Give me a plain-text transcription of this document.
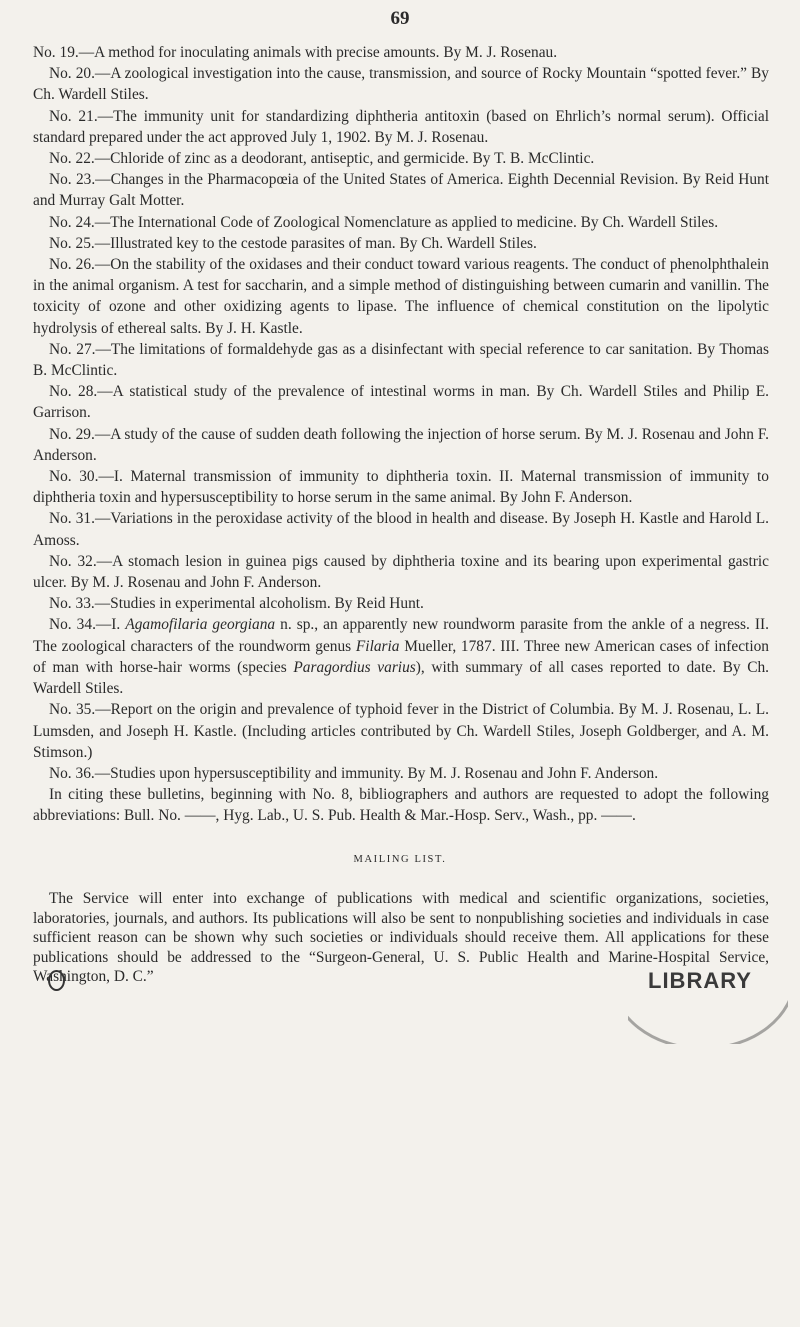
69

No. 19.—A method for inoculating animals with precise amounts. By M. J. Rosenau.

No. 20.—A zoological investigation into the cause, transmission, and source of Rocky Mountain “spotted fever.” By Ch. Wardell Stiles.

No. 21.—The immunity unit for standardizing diphtheria antitoxin (based on Ehrlich’s normal serum). Official standard prepared under the act approved July 1, 1902. By M. J. Rosenau.

No. 22.—Chloride of zinc as a deodorant, antiseptic, and germicide. By T. B. McClintic.

No. 23.—Changes in the Pharmacopœia of the United States of America. Eighth Decennial Revision. By Reid Hunt and Murray Galt Motter.

No. 24.—The International Code of Zoological Nomenclature as applied to medicine. By Ch. Wardell Stiles.

No. 25.—Illustrated key to the cestode parasites of man. By Ch. Wardell Stiles.

No. 26.—On the stability of the oxidases and their conduct toward various reagents. The conduct of phenolphthalein in the animal organism. A test for saccharin, and a simple method of distinguishing between cumarin and vanillin. The toxicity of ozone and other oxidizing agents to lipase. The influence of chemical constitution on the lipolytic hydrolysis of ethereal salts. By J. H. Kastle.

No. 27.—The limitations of formaldehyde gas as a disinfectant with special reference to car sanitation. By Thomas B. McClintic.

No. 28.—A statistical study of the prevalence of intestinal worms in man. By Ch. Wardell Stiles and Philip E. Garrison.

No. 29.—A study of the cause of sudden death following the injection of horse serum. By M. J. Rosenau and John F. Anderson.

No. 30.—I. Maternal transmission of immunity to diphtheria toxin. II. Maternal transmission of immunity to diphtheria toxin and hypersusceptibility to horse serum in the same animal. By John F. Anderson.

No. 31.—Variations in the peroxidase activity of the blood in health and disease. By Joseph H. Kastle and Harold L. Amoss.

No. 32.—A stomach lesion in guinea pigs caused by diphtheria toxine and its bearing upon experimental gastric ulcer. By M. J. Rosenau and John F. Anderson.

No. 33.—Studies in experimental alcoholism. By Reid Hunt.

No. 34.—I. Agamofilaria georgiana n. sp., an apparently new roundworm parasite from the ankle of a negress. II. The zoological characters of the roundworm genus Filaria Mueller, 1787. III. Three new American cases of infection of man with horse-hair worms (species Paragordius varius), with summary of all cases reported to date. By Ch. Wardell Stiles.

No. 35.—Report on the origin and prevalence of typhoid fever in the District of Columbia. By M. J. Rosenau, L. L. Lumsden, and Joseph H. Kastle. (Including articles contributed by Ch. Wardell Stiles, Joseph Goldberger, and A. M. Stimson.)

No. 36.—Studies upon hypersusceptibility and immunity. By M. J. Rosenau and John F. Anderson.

In citing these bulletins, beginning with No. 8, bibliographers and authors are requested to adopt the following abbreviations: Bull. No. ——, Hyg. Lab., U. S. Pub. Health & Mar.-Hosp. Serv., Wash., pp. ——.

MAILING LIST.

The Service will enter into exchange of publications with medical and scientific organizations, societies, laboratories, journals, and authors. Its publications will also be sent to nonpublishing societies and individuals in case sufficient reason can be shown why such societies or individuals should receive them. All applications for these publications should be addressed to the “Surgeon-General, U. S. Public Health and Marine-Hospital Service, Washington, D. C.”	LIBRARY
